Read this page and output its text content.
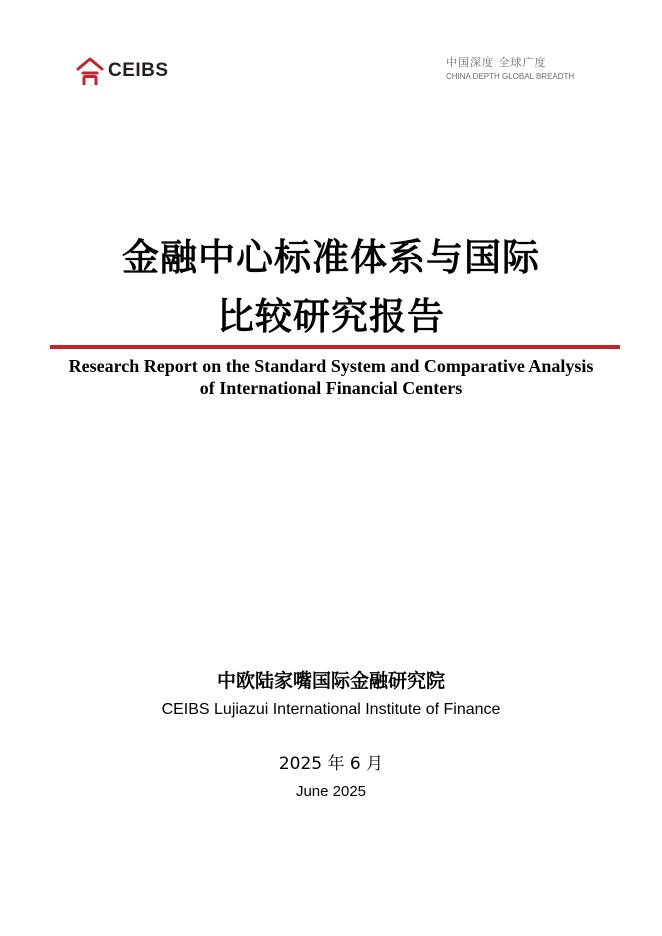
CEIBS	中国深度 全球广度
CHINA DEPTH GLOBAL BREADTH
金融中心标准体系与国际
比较研究报告
Research Report on the Standard System and Comparative Analysis
of International Financial Centers
中欧陆家嘴国际金融研究院
CEIBS Lujiazui International Institute of Finance
2025 年 6 月
June 2025
